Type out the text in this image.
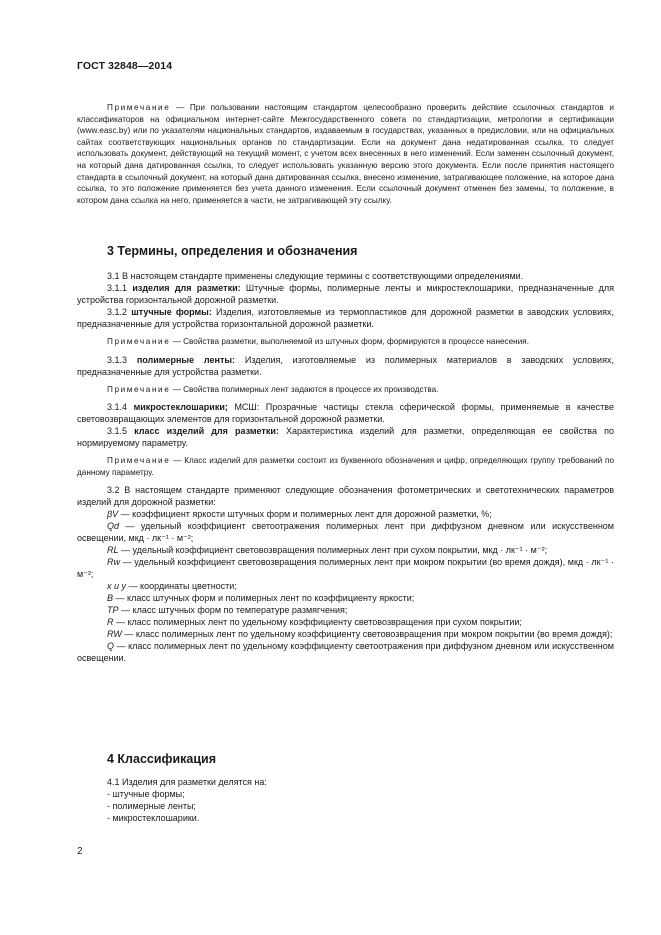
ГОСТ 32848—2014

Примечание — При пользовании настоящим стандартом целесообразно проверить действие ссылочных стандартов и классификаторов на официальном интернет-сайте Межгосударственного совета по стандартизации, метрологии и сертификации (www.easc.by) или по указателям национальных стандартов, издаваемым в государствах, указанных в предисловии, или на официальных сайтах соответствующих национальных органов по стандартизации. Если на документ дана недатированная ссылка, то следует использовать документ, действующий на текущий момент, с учетом всех внесенных в него изменений. Если заменен ссылочный документ, на который дана датированная ссылка, то следует использовать указанную версию этого документа. Если после принятия настоящего стандарта в ссылочный документ, на который дана датированная ссылка, внесено изменение, затрагивающее положение, на которое дана ссылка, то это положение применяется без учета данного изменения. Если ссылочный документ отменен без замены, то положение, в котором дана ссылка на него, применяется в части, не затрагивающей эту ссылку.

3 Термины, определения и обозначения

3.1 В настоящем стандарте применены следующие термины с соответствующими определениями.

3.1.1 изделия для разметки: Штучные формы, полимерные ленты и микростеклошарики, предназначенные для устройства горизонтальной дорожной разметки.

3.1.2 штучные формы: Изделия, изготовляемые из термопластиков для дорожной разметки в заводских условиях, предназначенные для устройства горизонтальной дорожной разметки.

Примечание — Свойства разметки, выполняемой из штучных форм, формируются в процессе нанесения.

3.1.3 полимерные ленты: Изделия, изготовляемые из полимерных материалов в заводских условиях, предназначенные для устройства разметки.

Примечание — Свойства полимерных лент задаются в процессе их производства.

3.1.4 микростеклошарики; МСШ: Прозрачные частицы стекла сферической формы, применяемые в качестве световозвращающих элементов для горизонтальной дорожной разметки.

3.1.5 класс изделий для разметки: Характеристика изделий для разметки, определяющая ее свойства по нормируемому параметру.

Примечание — Класс изделий для разметки состоит из буквенного обозначения и цифр, определяющих группу требований по данному параметру.

3.2 В настоящем стандарте применяют следующие обозначения фотометрических и светотехнических параметров изделий для дорожной разметки:

βV — коэффициент яркости штучных форм и полимерных лент для дорожной разметки, %;

Qd — удельный коэффициент светоотражения полимерных лент при диффузном дневном или искусственном освещении, мкд · лк⁻¹ · м⁻²;

RL — удельный коэффициент световозвращения полимерных лент при сухом покрытии, мкд · лк⁻¹ · м⁻²;

Rw — удельный коэффициент световозвращения полимерных лент при мокром покрытии (во время дождя), мкд · лк⁻¹ · м⁻²;

x и y — координаты цветности;

B — класс штучных форм и полимерных лент по коэффициенту яркости;

TP — класс штучных форм по температуре размягчения;

R — класс полимерных лент по удельному коэффициенту световозвращения при сухом покрытии;

RW — класс полимерных лент по удельному коэффициенту световозвращения при мокром покрытии (во время дождя);

Q — класс полимерных лент по удельному коэффициенту светоотражения при диффузном дневном или искусственном освещении.

4 Классификация

4.1 Изделия для разметки делятся на:

- штучные формы;

- полимерные ленты;

- микростеклошарики.

2
